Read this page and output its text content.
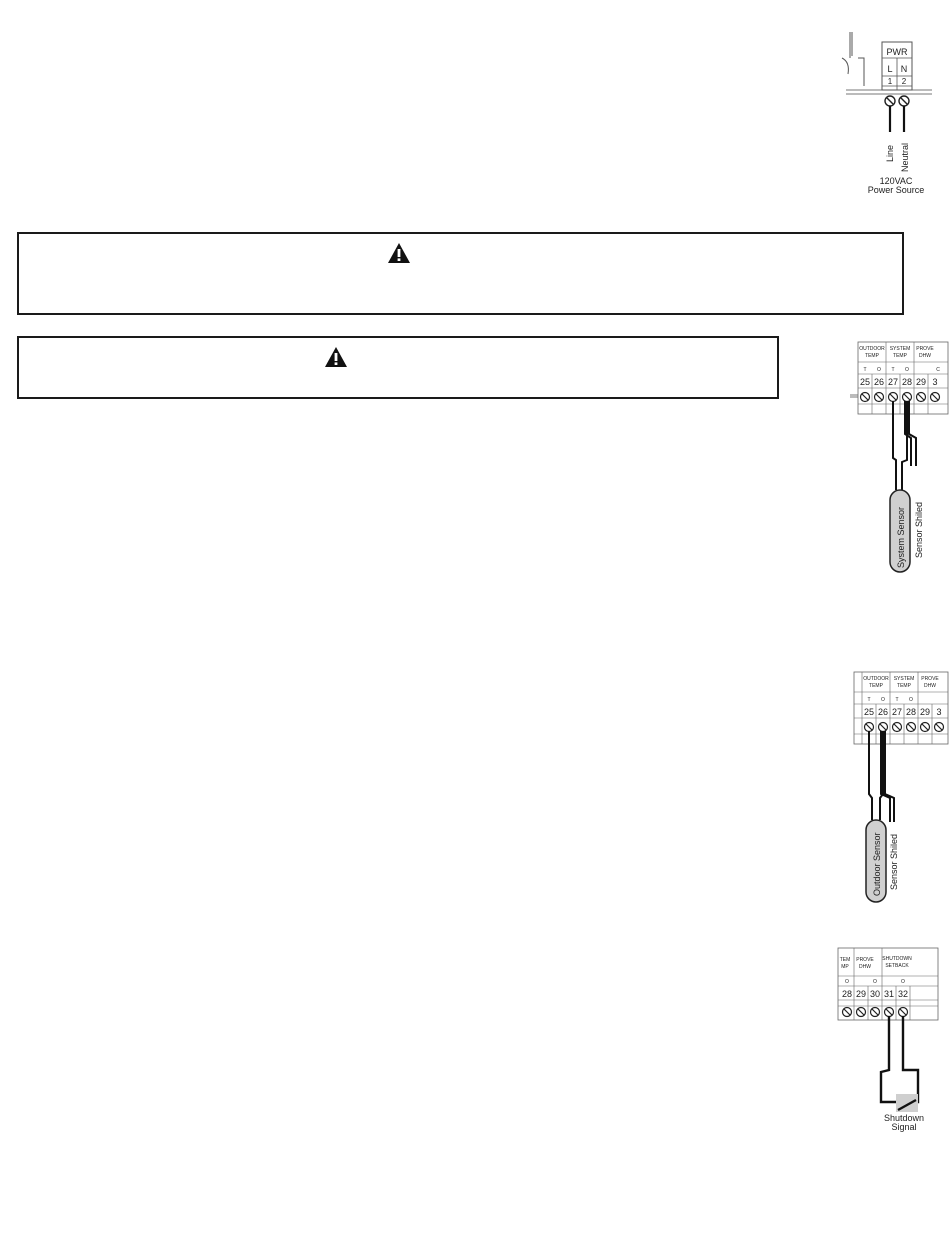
PWR
L N
1 2
Line Neutral
120VAC
Power Source
OUTDOOR
TEMP
SYSTEM
TEMP
PROVE
DHW
T O T O	C
25 26 27 28 29 3
System Sensor Sensor Shiled
OUTDOOR
TEMP
SYSTEM
TEMP
PROVE
DHW
T O T O
25 26 27 28 29 3
Outdoor Sensor Sensor Shiled
TEM
MP
PROVE
DHW
SHUTDOWN
SETBACK
O	O	O
28 29 30 31 32
Shutdown
Signal
